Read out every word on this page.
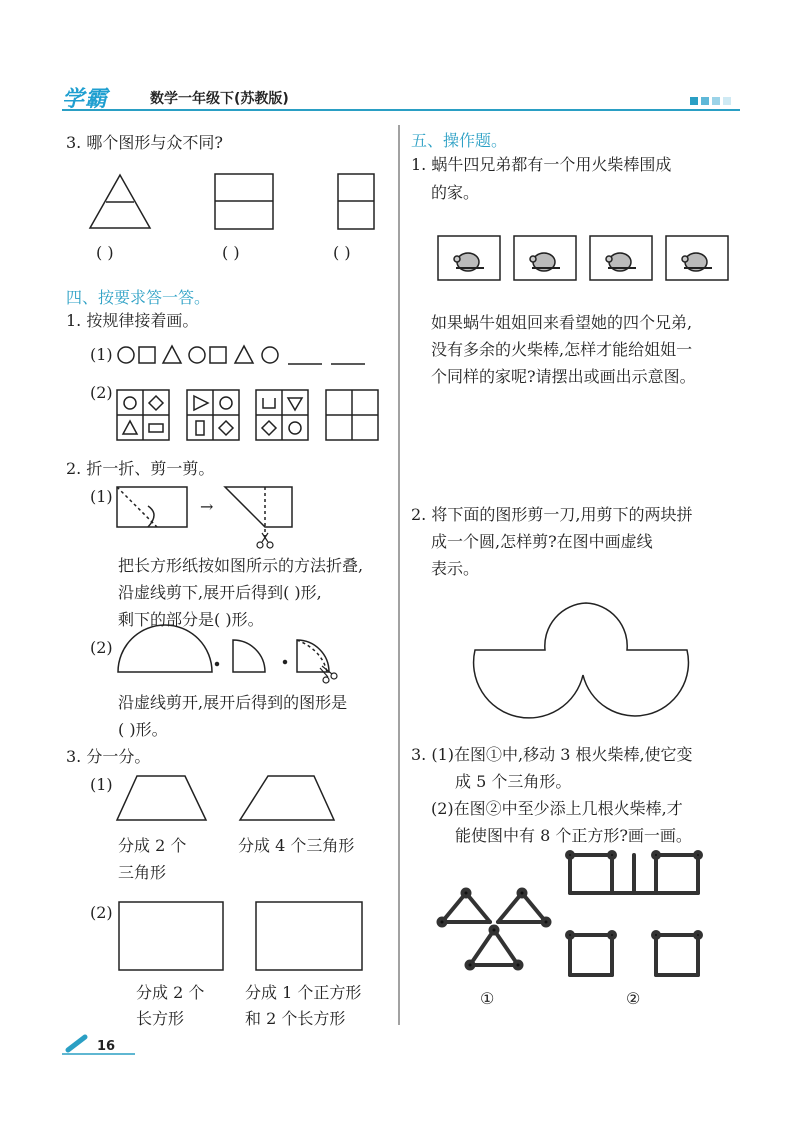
学霸	数学一年级下(苏教版)
3. 哪个图形与众不同?
( )	( )	( )
四、按要求答一答。
1. 按规律接着画。
(1)
(2)
2. 折一折、剪一剪。
(1)
→
把长方形纸按如图所示的方法折叠,
沿虚线剪下,展开后得到( )形,
剩下的部分是( )形。
(2)
沿虚线剪开,展开后得到的图形是
( )形。
3. 分一分。
(1)
分成 2 个
三角形
分成 4 个三角形
(2)
分成 2 个
长方形
分成 1 个正方形
和 2 个长方形
五、操作题。
1. 蜗牛四兄弟都有一个用火柴棒围成
的家。
如果蜗牛姐姐回来看望她的四个兄弟,
没有多余的火柴棒,怎样才能给姐姐一
个同样的家呢?请摆出或画出示意图。
2. 将下面的图形剪一刀,用剪下的两块拼
成一个圆,怎样剪?在图中画虚线
表示。
3. (1)在图①中,移动 3 根火柴棒,使它变
成 5 个三角形。
(2)在图②中至少添上几根火柴棒,才
能使图中有 8 个正方形?画一画。
①	②
16
